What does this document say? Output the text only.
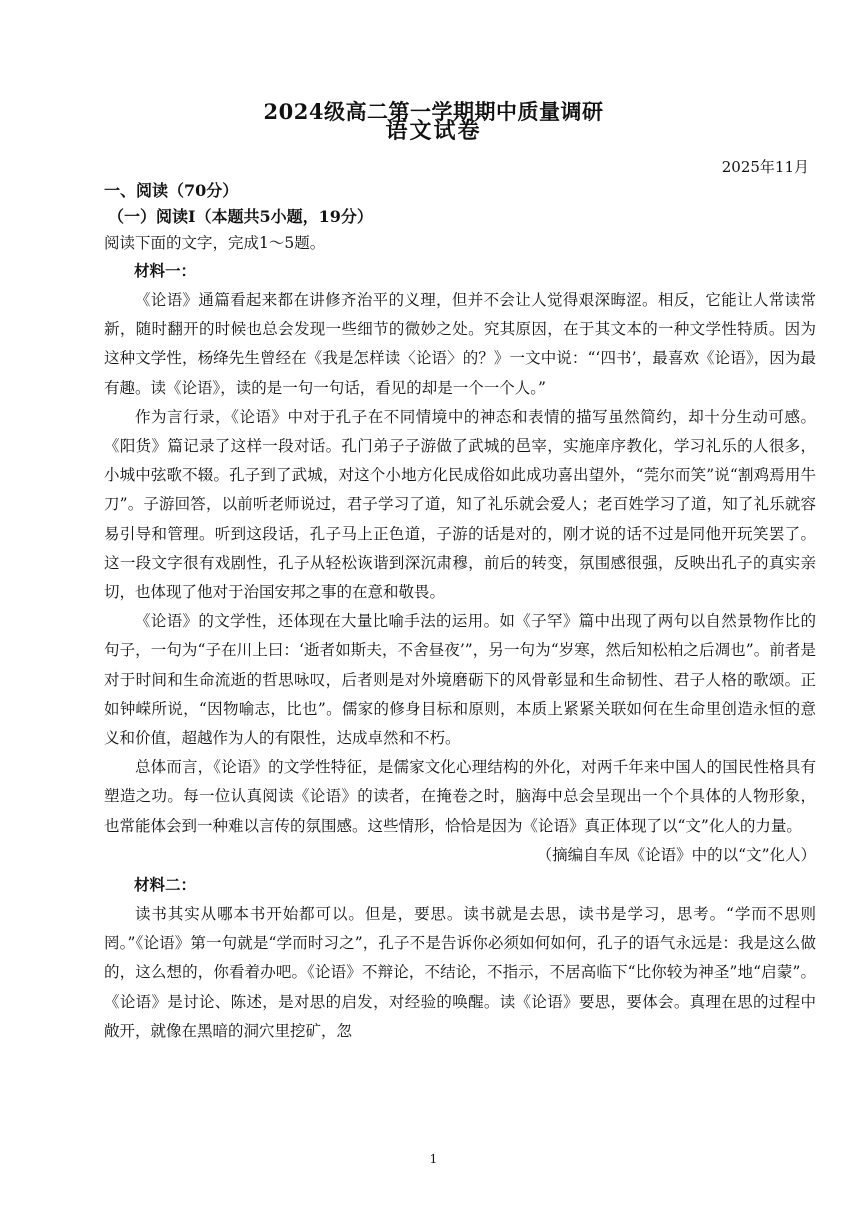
2024级高二第一学期期中质量调研
语文试卷
2025年11月

一、阅读（70分）

（一）阅读Ⅰ（本题共5小题，19分）

阅读下面的文字，完成1～5题。

材料一：

《论语》通篇看起来都在讲修齐治平的义理，但并不会让人觉得艰深晦涩。相反，它能让人常读常新，随时翻开的时候也总会发现一些细节的微妙之处。究其原因，在于其文本的一种文学性特质。因为这种文学性，杨绛先生曾经在《我是怎样读〈论语〉的？》一文中说：“‘四书’，最喜欢《论语》，因为最有趣。读《论语》，读的是一句一句话，看见的却是一个一个人。”

作为言行录，《论语》中对于孔子在不同情境中的神态和表情的描写虽然简约，却十分生动可感。《阳货》篇记录了这样一段对话。孔门弟子子游做了武城的邑宰，实施庠序教化，学习礼乐的人很多，小城中弦歌不辍。孔子到了武城，对这个小地方化民成俗如此成功喜出望外，“莞尔而笑”说“割鸡焉用牛刀”。子游回答，以前听老师说过，君子学习了道，知了礼乐就会爱人；老百姓学习了道，知了礼乐就容易引导和管理。听到这段话，孔子马上正色道，子游的话是对的，刚才说的话不过是同他开玩笑罢了。这一段文字很有戏剧性，孔子从轻松诙谐到深沉肃穆，前后的转变，氛围感很强，反映出孔子的真实亲切，也体现了他对于治国安邦之事的在意和敬畏。

《论语》的文学性，还体现在大量比喻手法的运用。如《子罕》篇中出现了两句以自然景物作比的句子，一句为“子在川上曰：‘逝者如斯夫，不舍昼夜’”，另一句为“岁寒，然后知松柏之后凋也”。前者是对于时间和生命流逝的哲思咏叹，后者则是对外境磨砺下的风骨彰显和生命韧性、君子人格的歌颂。正如钟嵘所说，“因物喻志，比也”。儒家的修身目标和原则，本质上紧紧关联如何在生命里创造永恒的意义和价值，超越作为人的有限性，达成卓然和不朽。

总体而言，《论语》的文学性特征，是儒家文化心理结构的外化，对两千年来中国人的国民性格具有塑造之功。每一位认真阅读《论语》的读者，在掩卷之时，脑海中总会呈现出一个个具体的人物形象，也常能体会到一种难以言传的氛围感。这些情形，恰恰是因为《论语》真正体现了以“文”化人的力量。

（摘编自车凤《论语》中的以“文”化人）

材料二：

读书其实从哪本书开始都可以。但是，要思。读书就是去思，读书是学习，思考。“学而不思则罔。”《论语》第一句就是“学而时习之”，孔子不是告诉你必须如何如何，孔子的语气永远是：我是这么做的，这么想的，你看着办吧。《论语》不辩论，不结论，不指示，不居高临下“比你较为神圣”地“启蒙”。《论语》是讨论、陈述，是对思的启发，对经验的唤醒。读《论语》要思，要体会。真理在思的过程中敞开，就像在黑暗的洞穴里挖矿，忽

1
